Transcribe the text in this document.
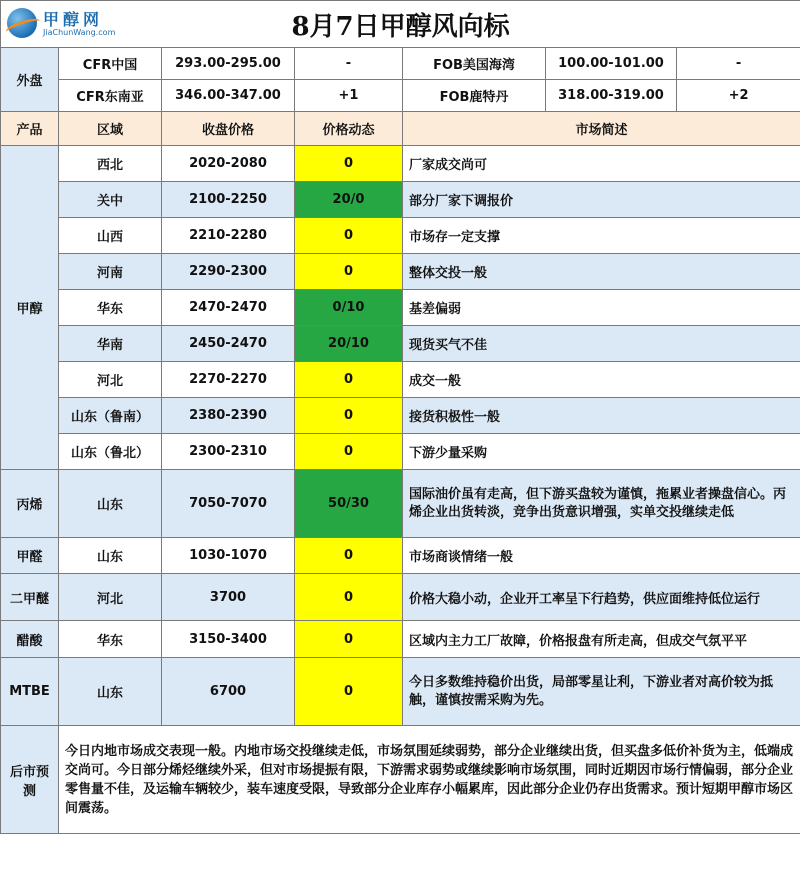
甲醇网
JiaChunWang.com 8月7日甲醇风向标						
外盘	CFR中国	293.00-295.00	-	FOB美国海湾	100.00-101.00	-
	CFR东南亚	346.00-347.00	+1	FOB鹿特丹	318.00-319.00	+2
产品	区域	收盘价格	价格动态	市场简述		
甲醇	西北	2020-2080	0	厂家成交尚可		
	关中	2100-2250	20/0	部分厂家下调报价		
	山西	2210-2280	0	市场存一定支撑		
	河南	2290-2300	0	整体交投一般		
	华东	2470-2470	0/10	基差偏弱		
	华南	2450-2470	20/10	现货买气不佳		
	河北	2270-2270	0	成交一般		
	山东（鲁南）	2380-2390	0	接货积极性一般		
	山东（鲁北）	2300-2310	0	下游少量采购		
丙烯	山东	7050-7070	50/30	国际油价虽有走高，但下游买盘较为谨慎，拖累业者操盘信心。丙烯企业出货转淡，竞争出货意识增强，实单交投继续走低		
甲醛	山东	1030-1070	0	市场商谈情绪一般		
二甲醚	河北	3700	0	价格大稳小动，企业开工率呈下行趋势，供应面维持低位运行		
醋酸	华东	3150-3400	0	区域内主力工厂故障，价格报盘有所走高，但成交气氛平平		
MTBE	山东	6700	0	今日多数维持稳价出货，局部零星让利，下游业者对高价较为抵触，谨慎按需采购为先。		
后市预测	今日内地市场成交表现一般。内地市场交投继续走低，市场氛围延续弱势，部分企业继续出货，但买盘多低价补货为主，低端成交尚可。今日部分烯烃继续外采，但对市场提振有限，下游需求弱势或继续影响市场氛围，同时近期因市场行情偏弱，部分企业零售量不佳，及运输车辆较少，装车速度受限，导致部分企业库存小幅累库，因此部分企业仍存出货需求。预计短期甲醇市场区间震荡。					
